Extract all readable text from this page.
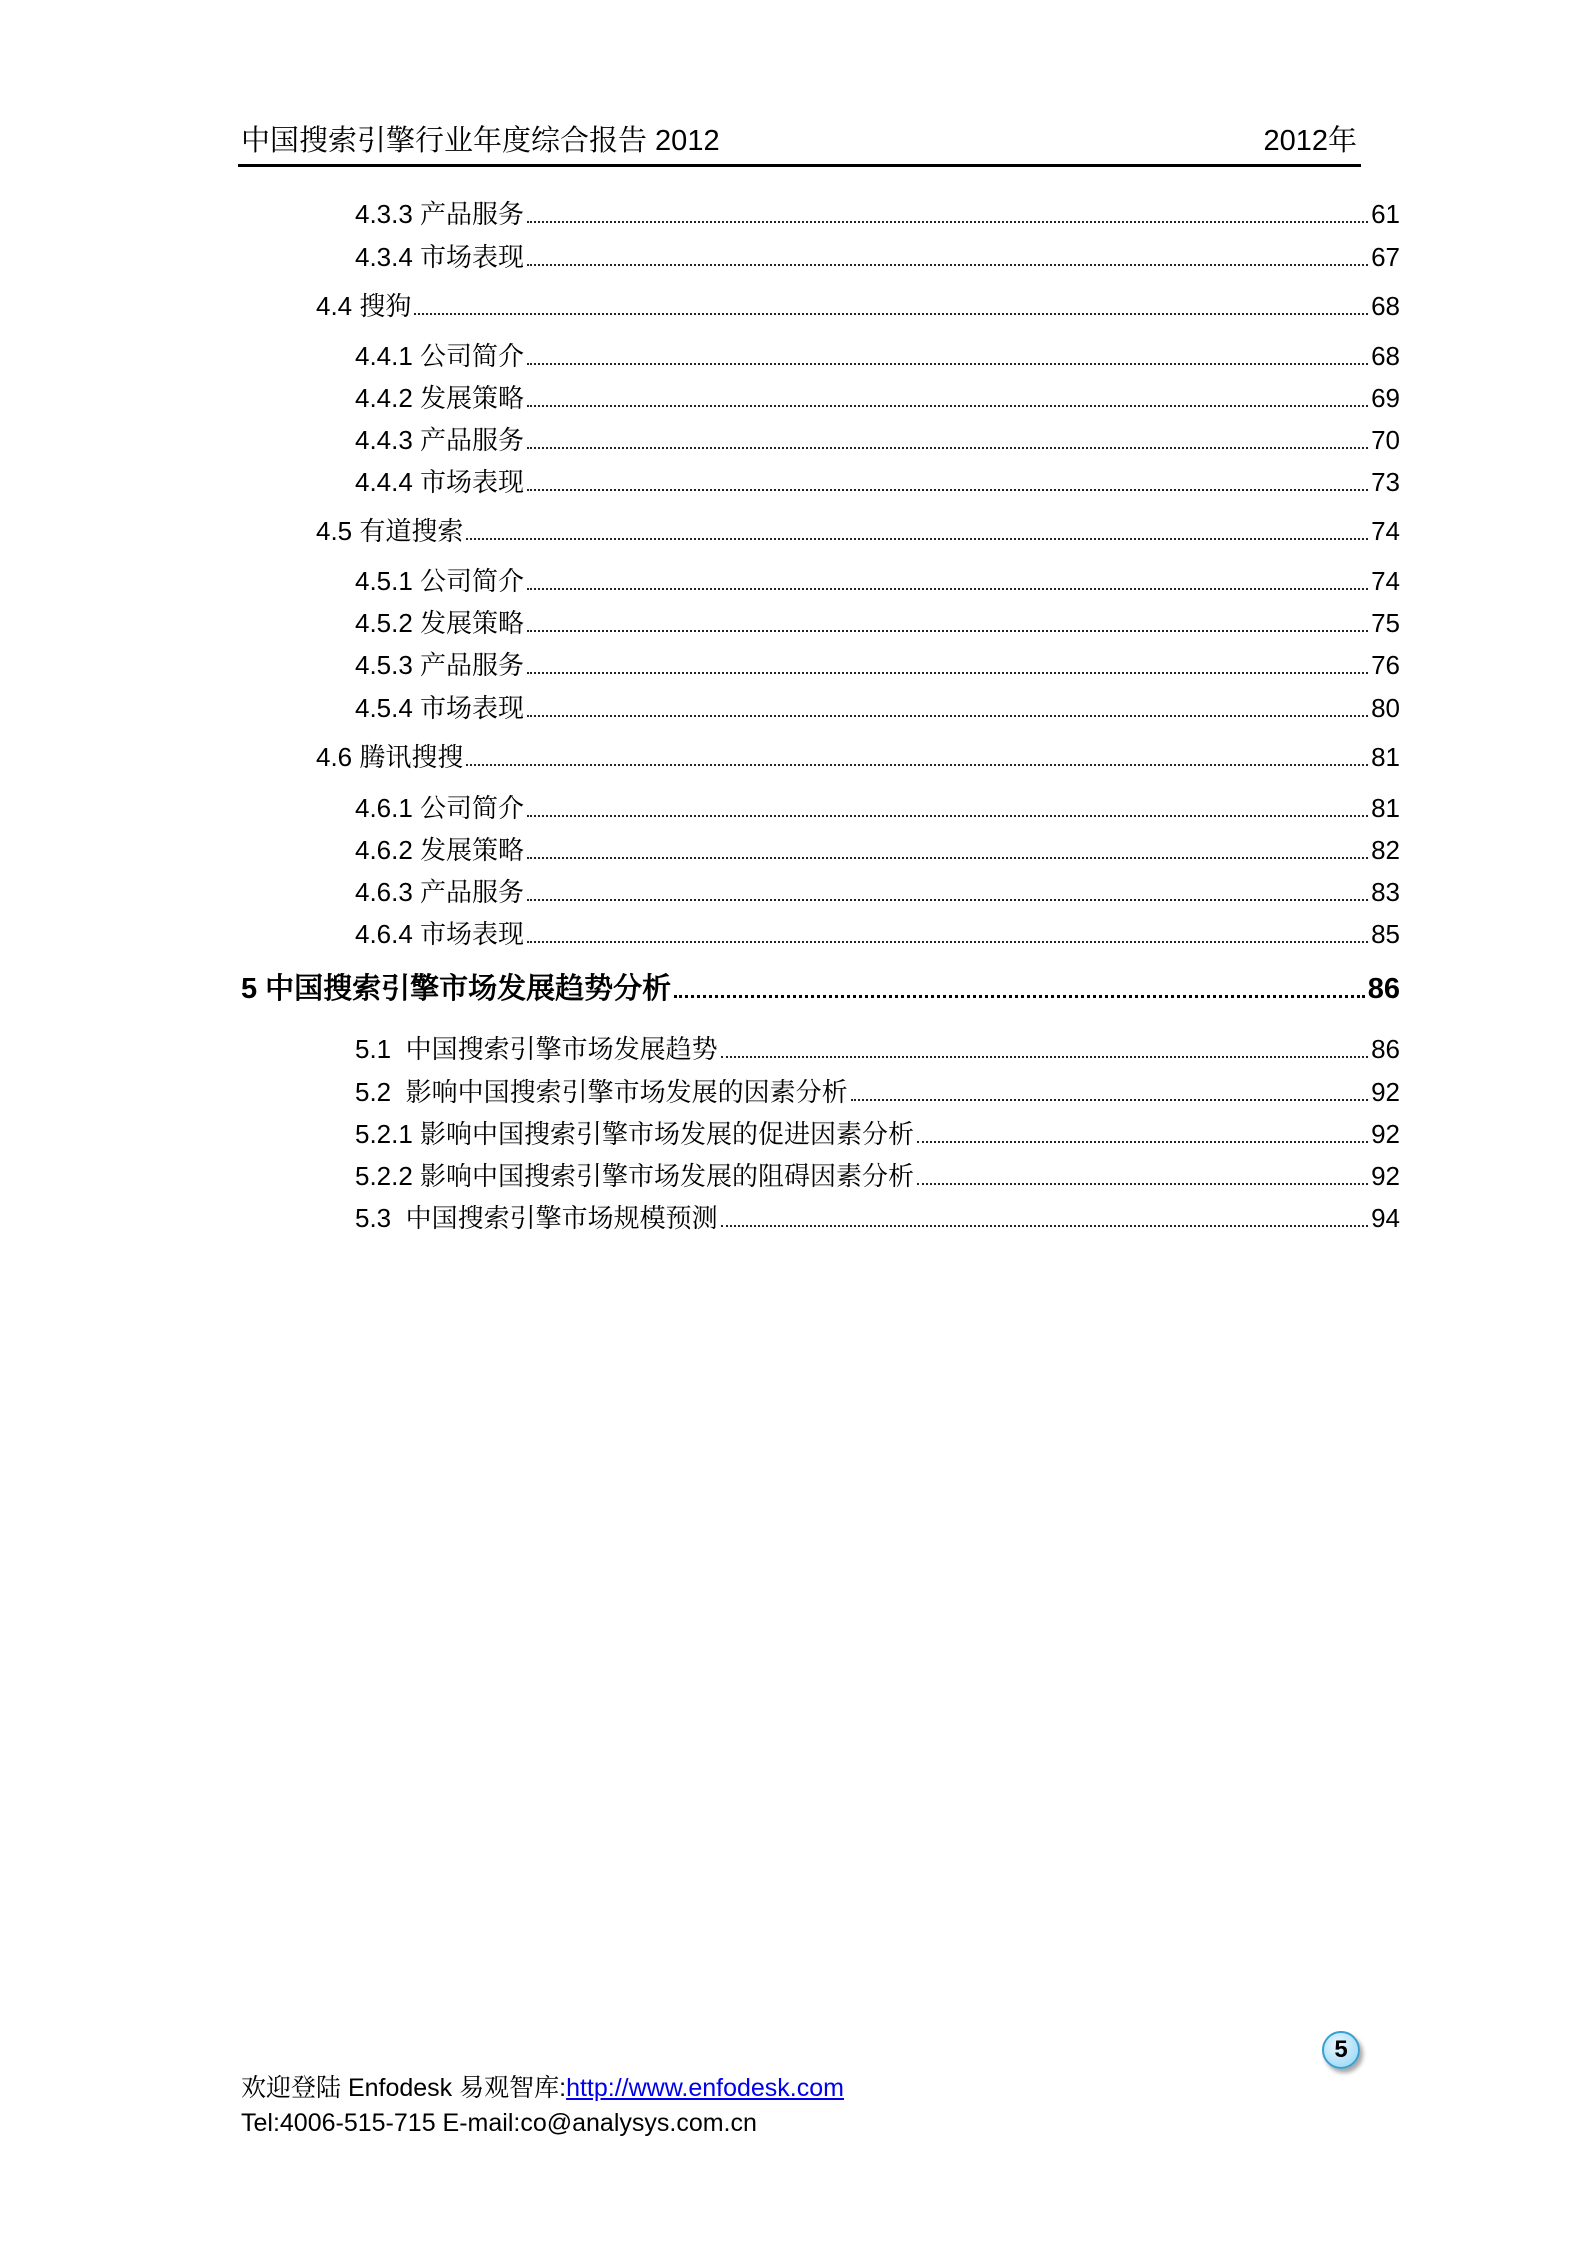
中国搜索引擎行业年度综合报告 2012	2012年
4.3.3 产品服务	61
4.3.4 市场表现	67
4.4 搜狗	68
4.4.1 公司简介	68
4.4.2 发展策略	69
4.4.3 产品服务	70
4.4.4 市场表现	73
4.5 有道搜索	74
4.5.1 公司简介	74
4.5.2 发展策略	75
4.5.3 产品服务	76
4.5.4 市场表现	80
4.6 腾讯搜搜	81
4.6.1 公司简介	81
4.6.2 发展策略	82
4.6.3 产品服务	83
4.6.4 市场表现	85
5 中国搜索引擎市场发展趋势分析	86
5.1  中国搜索引擎市场发展趋势	86
5.2  影响中国搜索引擎市场发展的因素分析	92
5.2.1 影响中国搜索引擎市场发展的促进因素分析	92
5.2.2 影响中国搜索引擎市场发展的阻碍因素分析	92
5.3  中国搜索引擎市场规模预测	94
5
欢迎登陆 Enfodesk 易观智库:http://www.enfodesk.com
Tel:4006-515-715 E-mail:co@analysys.com.cn
